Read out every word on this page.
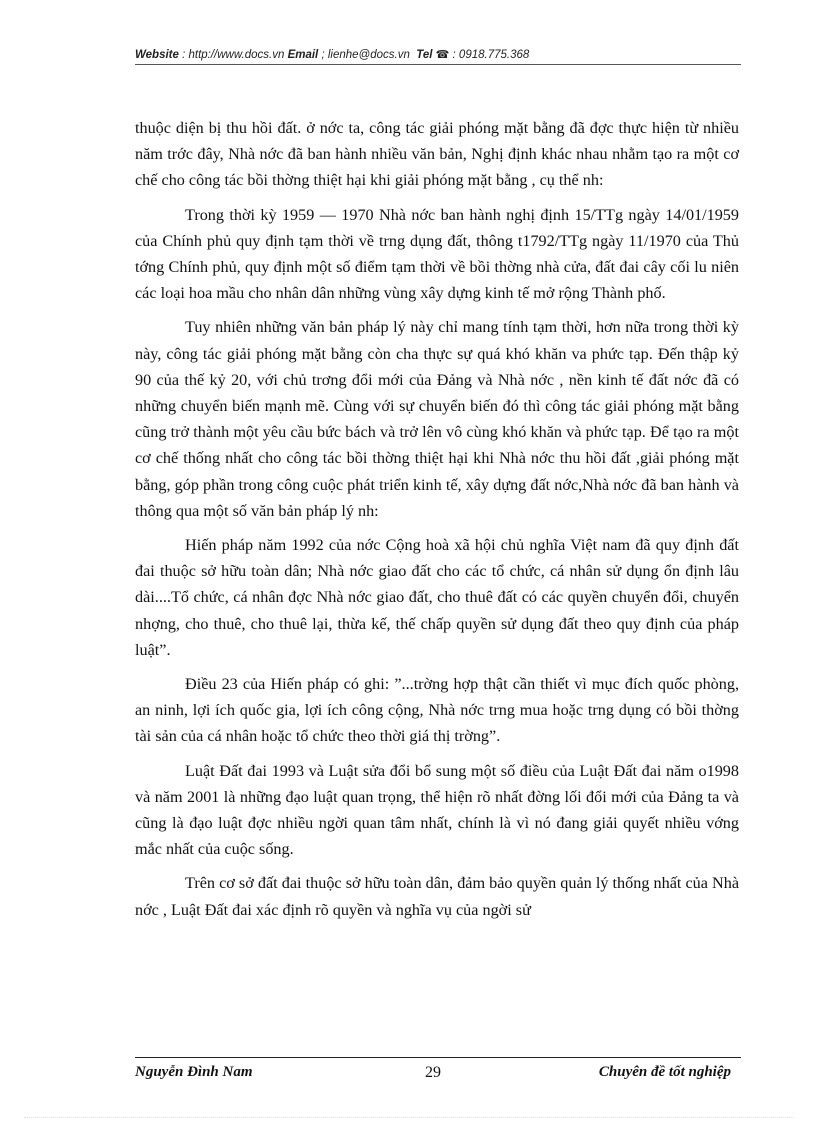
Website : http://www.docs.vn Email ; lienhe@docs.vn Tel ☎ : 0918.775.368

thuộc diện bị thu hồi đất. ở nớc ta, công tác giải phóng mặt bằng đã đợc thực hiện từ nhiều năm trớc đây, Nhà nớc đã ban hành nhiều văn bản, Nghị định khác nhau nhằm tạo ra một cơ chế cho công tác bồi thờng thiệt hại khi giải phóng mặt bằng , cụ thể nh:

Trong thời kỳ 1959 — 1970 Nhà nớc ban hành nghị định 15/TTg ngày 14/01/1959 của Chính phủ quy định tạm thời về trng dụng đất, thông t1792/TTg ngày 11/1970 của Thủ tớng Chính phủ, quy định một số điểm tạm thời về bồi thờng nhà cửa, đất đai cây cối lu niên các loại hoa mầu cho nhân dân những vùng xây dựng kinh tế mở rộng Thành phố.

Tuy nhiên những văn bản pháp lý này chỉ mang tính tạm thời, hơn nữa trong thời kỳ này, công tác giải phóng mặt bằng còn cha thực sự quá khó khăn va phức tạp. Đến thập kỷ 90 của thế kỷ 20, với chủ trơng đổi mới của Đảng và Nhà nớc , nền kinh tế đất nớc đã có những chuyển biến mạnh mẽ. Cùng với sự chuyển biến đó thì công tác giải phóng mặt bằng cũng trở thành một yêu cầu bức bách và trở lên vô cùng khó khăn và phức tạp. Để tạo ra một cơ chế thống nhất cho công tác bồi thờng thiệt hại khi Nhà nớc thu hồi đất ,giải phóng mặt bằng, góp phần trong công cuộc phát triển kinh tế, xây dựng đất nớc,Nhà nớc đã ban hành và thông qua một số văn bản pháp lý nh:

Hiến pháp năm 1992 của nớc Cộng hoà xã hội chủ nghĩa Việt nam đã quy định đất đai thuộc sở hữu toàn dân; Nhà nớc giao đất cho các tổ chức, cá nhân sử dụng ổn định lâu dài....Tổ chức, cá nhân đợc Nhà nớc giao đất, cho thuê đất có các quyền chuyển đổi, chuyển nhợng, cho thuê, cho thuê lại, thừa kế, thế chấp quyền sử dụng đất theo quy định của pháp luật”.

Điều 23 của Hiến pháp có ghi: ”...trờng hợp thật cần thiết vì mục đích quốc phòng, an ninh, lợi ích quốc gia, lợi ích công cộng, Nhà nớc trng mua hoặc trng dụng có bồi thờng tài sản của cá nhân hoặc tổ chức theo thời giá thị trờng”.

Luật Đất đai 1993 và Luật sửa đổi bổ sung một số điều của Luật Đất đai năm o1998 và năm 2001 là những đạo luật quan trọng, thể hiện rõ nhất đờng lối đổi mới của Đảng ta và cũng là đạo luật đợc nhiều ngời quan tâm nhất, chính là vì nó đang giải quyết nhiều vớng mắc nhất của cuộc sống.

Trên cơ sở đất đai thuộc sở hữu toàn dân, đảm bảo quyền quản lý thống nhất của Nhà nớc , Luật Đất đai xác định rõ quyền và nghĩa vụ của ngời sử

Nguyễn Đình Nam	29	Chuyên đề tốt nghiệp
